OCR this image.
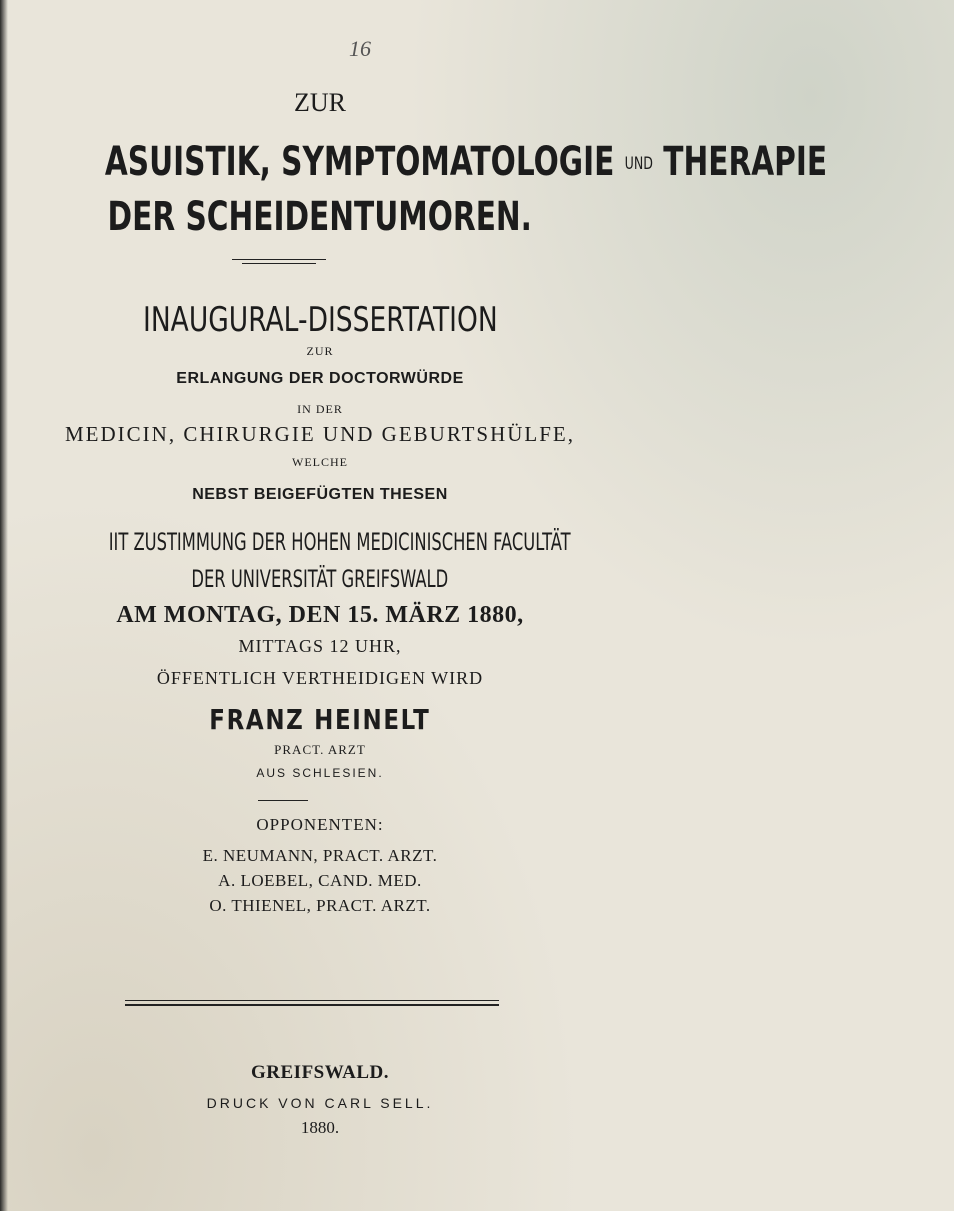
16
ZUR
ASUISTIK, SYMPTOMATOLOGIE UND THERAPIE
DER SCHEIDENTUMOREN.
INAUGURAL-DISSERTATION
ZUR
ERLANGUNG DER DOCTORWÜRDE
IN DER
MEDICIN, CHIRURGIE UND GEBURTSHÜLFE,
WELCHE
NEBST BEIGEFÜGTEN THESEN
IIT ZUSTIMMUNG DER HOHEN MEDICINISCHEN FACULTÄT
DER UNIVERSITÄT GREIFSWALD
AM MONTAG, DEN 15. MÄRZ 1880,
MITTAGS 12 UHR,
ÖFFENTLICH VERTHEIDIGEN WIRD
FRANZ HEINELT
PRACT. ARZT
AUS SCHLESIEN.
OPPONENTEN:
E. NEUMANN, PRACT. ARZT.
A. LOEBEL, CAND. MED.
O. THIENEL, PRACT. ARZT.
GREIFSWALD.
DRUCK VON CARL SELL.
1880.
